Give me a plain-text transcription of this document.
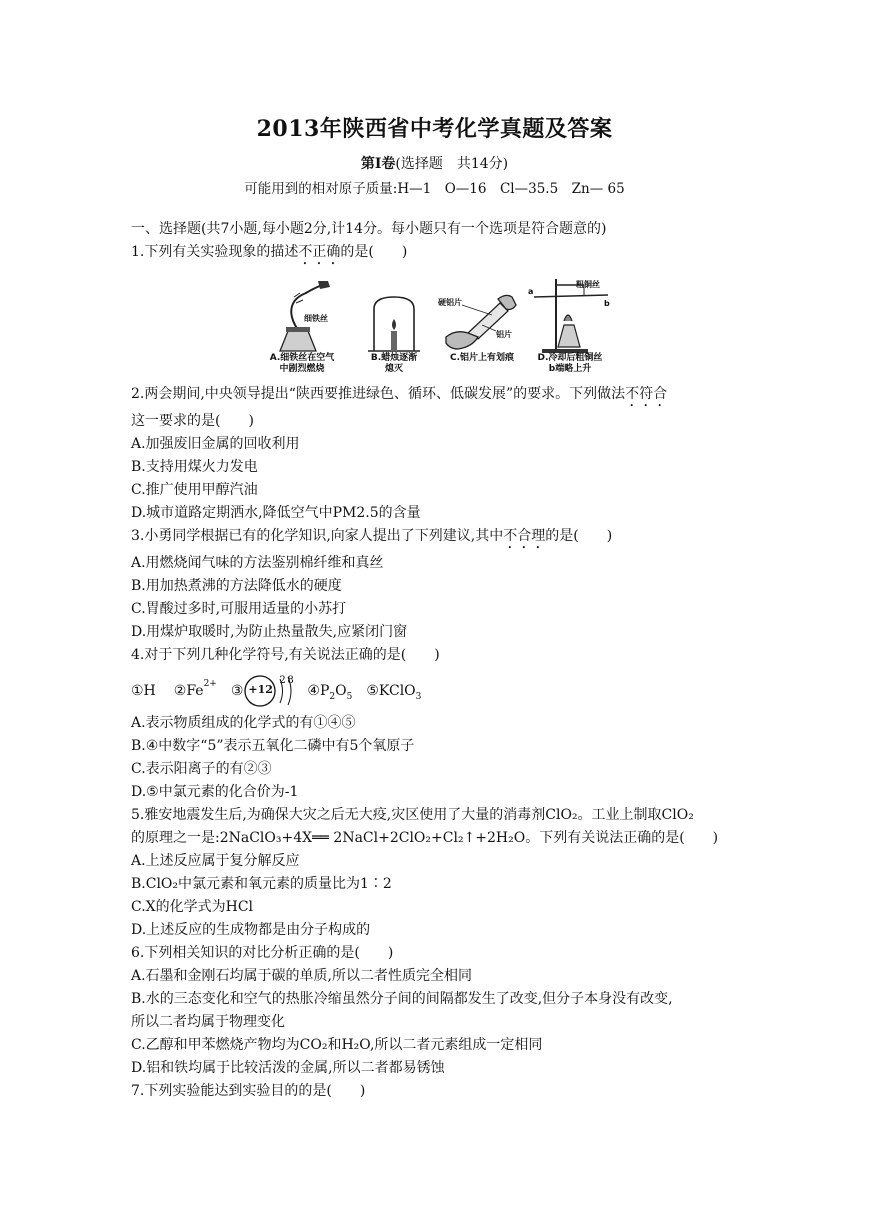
2013年陕西省中考化学真题及答案
第Ⅰ卷(选择题　共14分)
可能用到的相对原子质量:H—1　O—16　Cl—35.5　Zn— 65
一、选择题(共7小题,每小题2分,计14分。每小题只有一个选项是符合题意的)
1.下列有关实验现象的描述不正确的是(　　)
细铁丝
A.细铁丝在空气
中剧烈燃烧
B.蜡烛逐渐
熄灭
硬铝片
铝片
C.铝片上有划痕
粗铜丝
a
b
D.冷却后粗铜丝
b端略上升
2.两会期间,中央领导提出“陕西要推进绿色、循环、低碳发展”的要求。下列做法不符合
这一要求的是(　　)
A.加强废旧金属的回收利用
B.支持用煤火力发电
C.推广使用甲醇汽油
D.城市道路定期洒水,降低空气中PM2.5的含量
3.小勇同学根据已有的化学知识,向家人提出了下列建议,其中不合理的是(　　)
A.用燃烧闻气味的方法鉴别棉纤维和真丝
B.用加热煮沸的方法降低水的硬度
C.胃酸过多时,可服用适量的小苏打
D.用煤炉取暖时,为防止热量散失,应紧闭门窗
4.对于下列几种化学符号,有关说法正确的是(　　)
①H $②Fe^{2+}$ ③ +12
2 8
$④P_2O_5$ ⑤KClO$_3$
A.表示物质组成的化学式的有①④⑤
B.④中数字“5”表示五氧化二磷中有5个氧原子
C.表示阳离子的有②③
D.⑤中氯元素的化合价为-1
5.雅安地震发生后,为确保大灾之后无大疫,灾区使用了大量的消毒剂ClO₂。工业上制取ClO₂
的原理之一是:2NaClO₃+4X══ 2NaCl+2ClO₂+Cl₂↑+2H₂O。下列有关说法正确的是(　　)
A.上述反应属于复分解反应
B.ClO₂中氯元素和氧元素的质量比为1∶2
C.X的化学式为HCl
D.上述反应的生成物都是由分子构成的
6.下列相关知识的对比分析正确的是(　　)
A.石墨和金刚石均属于碳的单质,所以二者性质完全相同
B.水的三态变化和空气的热胀冷缩虽然分子间的间隔都发生了改变,但分子本身没有改变,
所以二者均属于物理变化
C.乙醇和甲苯燃烧产物均为CO₂和H₂O,所以二者元素组成一定相同
D.铝和铁均属于比较活泼的金属,所以二者都易锈蚀
7.下列实验能达到实验目的的是(　　)
